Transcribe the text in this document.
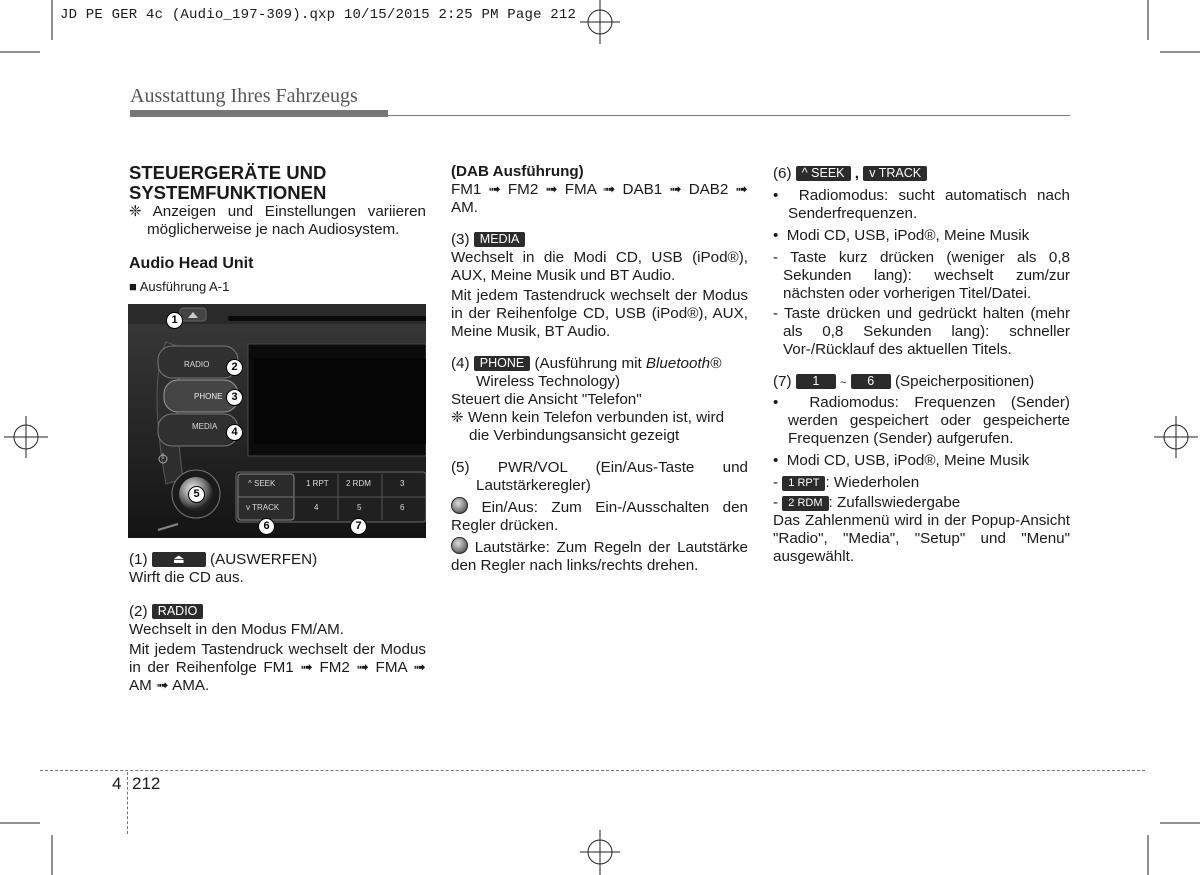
JD PE GER 4c (Audio_197-309).qxp 10/15/2015 2:25 PM Page 212
Ausstattung Ihres Fahrzeugs

STEUERGERÄTE UND

SYSTEMFUNKTIONEN

❈ Anzeigen und Einstellungen variieren möglicherweise je nach Audiosystem.

Audio Head Unit

■ Ausführung A-1

RADIO
PHONE
MEDIA
^ SEEK
v TRACK
1 RPT 2 RDM	3
4	5	6
1
2
3
4
5
6	7

(1) ⏏ (AUSWERFEN)

Wirft die CD aus.

(2) RADIO

Wechselt in den Modus FM/AM.

Mit jedem Tastendruck wechselt der Modus in der Reihenfolge FM1 ➟ FM2 ➟ FMA ➟ AM ➟ AMA.

(DAB Ausführung)

FM1 ➟ FM2 ➟ FMA ➟ DAB1 ➟ DAB2 ➟ AM.

(3) MEDIA

Wechselt in die Modi CD, USB (iPod®), AUX, Meine Musik und BT Audio.

Mit jedem Tastendruck wechselt der Modus in der Reihenfolge CD, USB (iPod®), AUX, Meine Musik, BT Audio.

(4) PHONE (Ausführung mit Bluetooth®

Wireless Technology)

Steuert die Ansicht "Telefon"

❈ Wenn kein Telefon verbunden ist, wird die Verbindungsansicht gezeigt

(5) PWR/VOL (Ein/Aus-Taste und Lautstärkeregler)

Ein/Aus: Zum Ein-/Ausschalten den Regler drücken.

Lautstärke: Zum Regeln der Lautstärke den Regler nach links/rechts drehen.

(6) ^ SEEK , v TRACK

•  Radiomodus: sucht automatisch nach Senderfrequenzen.

•  Modi CD, USB, iPod®, Meine Musik

- Taste kurz drücken (weniger als 0,8 Sekunden lang): wechselt zum/zur nächsten oder vorherigen Titel/Datei.

- Taste drücken und gedrückt halten (mehr als 0,8 Sekunden lang): schneller Vor-/Rücklauf des aktuellen Titels.

(7) 1 ~ 6 (Speicherpositionen)

•  Radiomodus: Frequenzen (Sender) werden gespeichert oder gespeicherte Frequenzen (Sender) aufgerufen.

•  Modi CD, USB, iPod®, Meine Musik

- 1 RPT : Wiederholen

- 2 RDM : Zufallswiedergabe

Das Zahlenmenü wird in der Popup-Ansicht "Radio", "Media", "Setup" und "Menu" ausgewählt.

4 212
